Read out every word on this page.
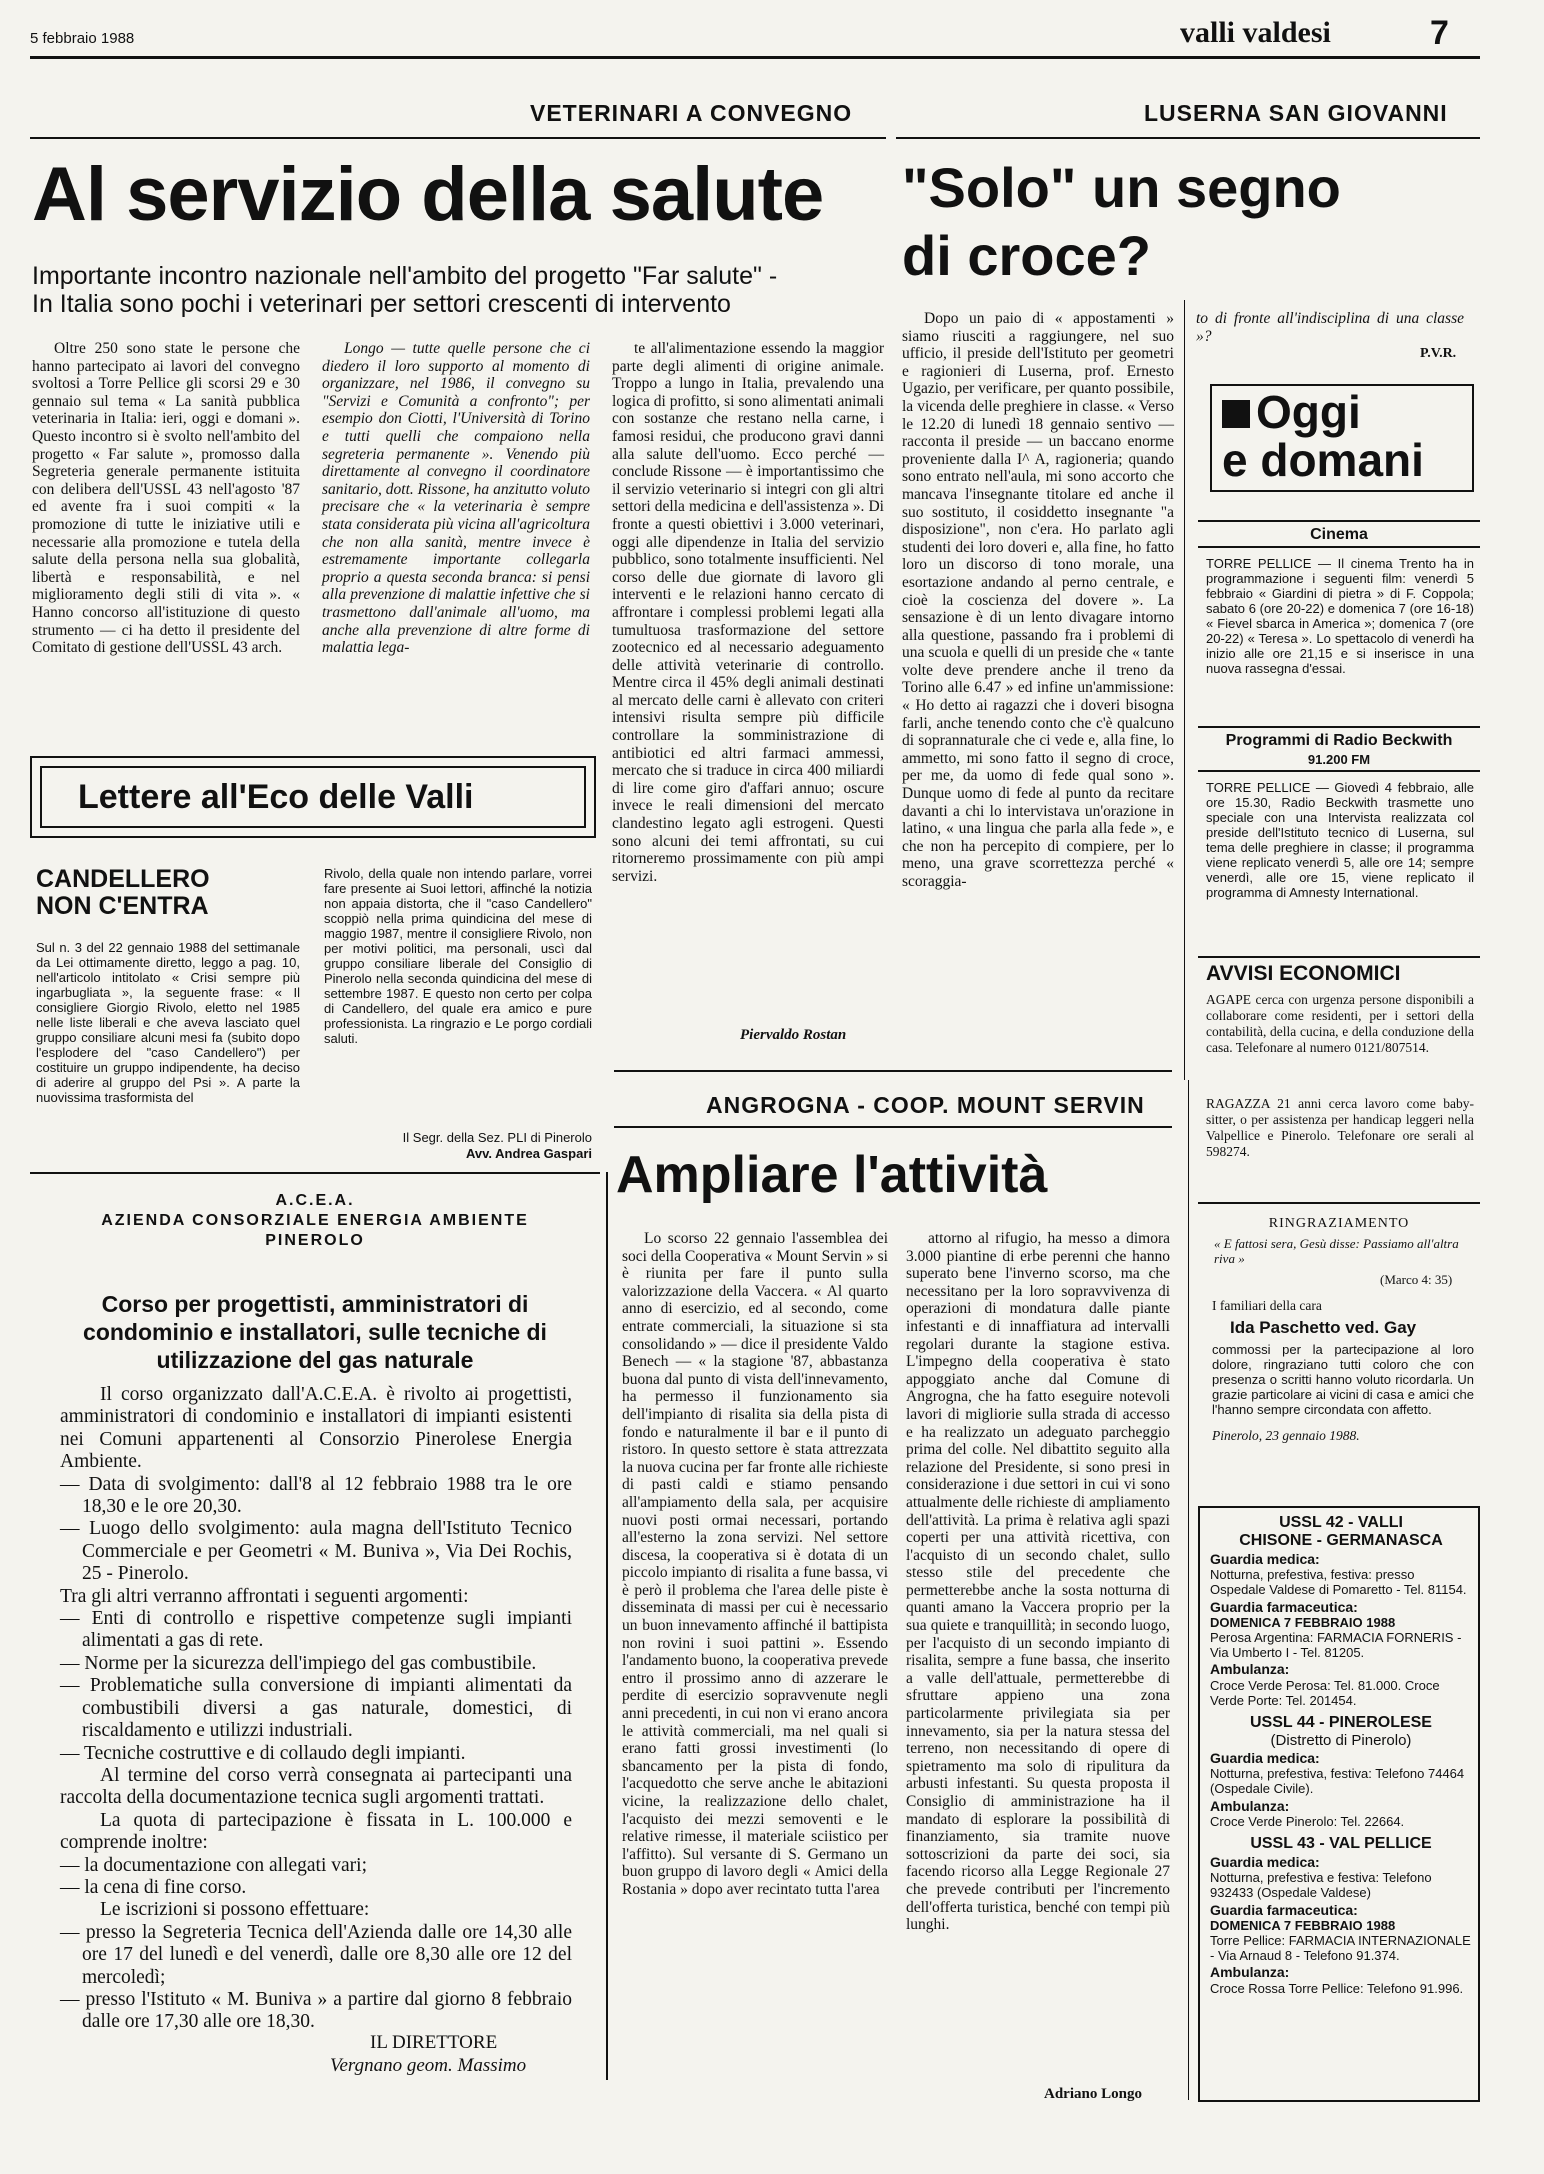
5 febbraio 1988	valli valdesi	7
VETERINARI A CONVEGNO
Al servizio della salute
Importante incontro nazionale nell'ambito del progetto "Far salute" -
In Italia sono pochi i veterinari per settori crescenti di intervento

Oltre 250 sono state le persone che hanno partecipato ai lavori del convegno svoltosi a Torre Pellice gli scorsi 29 e 30 gennaio sul tema « La sanità pubblica veterinaria in Italia: ieri, oggi e domani ». Questo incontro si è svolto nell'ambito del progetto « Far salute », promosso dalla Segreteria generale permanente istituita con delibera dell'USSL 43 nell'agosto '87 ed avente fra i suoi compiti « la promozione di tutte le iniziative utili e necessarie alla promozione e tutela della salute della persona nella sua globalità, libertà e responsabilità, e nel miglioramento degli stili di vita ». « Hanno concorso all'istituzione di questo strumento — ci ha detto il presidente del Comitato di gestione dell'USSL 43 arch.

Longo — tutte quelle persone che ci diedero il loro supporto al momento di organizzare, nel 1986, il convegno su "Servizi e Comunità a confronto"; per esempio don Ciotti, l'Università di Torino e tutti quelli che compaiono nella segreteria permanente ». Venendo più direttamente al convegno il coordinatore sanitario, dott. Rissone, ha anzitutto voluto precisare che « la veterinaria è sempre stata considerata più vicina all'agricoltura che non alla sanità, mentre invece è estremamente importante collegarla proprio a questa seconda branca: si pensi alla prevenzione di malattie infettive che si trasmettono dall'animale all'uomo, ma anche alla prevenzione di altre forme di malattia lega-

te all'alimentazione essendo la maggior parte degli alimenti di origine animale. Troppo a lungo in Italia, prevalendo una logica di profitto, si sono alimentati animali con sostanze che restano nella carne, i famosi residui, che producono gravi danni alla salute dell'uomo. Ecco perché — conclude Rissone — è importantissimo che il servizio veterinario si integri con gli altri settori della medicina e dell'assistenza ». Di fronte a questi obiettivi i 3.000 veterinari, oggi alle dipendenze in Italia del servizio pubblico, sono totalmente insufficienti. Nel corso delle due giornate di lavoro gli interventi e le relazioni hanno cercato di affrontare i complessi problemi legati alla tumultuosa trasformazione del settore zootecnico ed al necessario adeguamento delle attività veterinarie di controllo. Mentre circa il 45% degli animali destinati al mercato delle carni è allevato con criteri intensivi risulta sempre più difficile controllare la somministrazione di antibiotici ed altri farmaci ammessi, mercato che si traduce in circa 400 miliardi di lire come giro d'affari annuo; oscure invece le reali dimensioni del mercato clandestino legato agli estrogeni. Questi sono alcuni dei temi affrontati, su cui ritorneremo prossimamente con più ampi servizi.

Piervaldo Rostan
Lettere all'Eco delle Valli
CANDELLERO
NON C'ENTRA
Sul n. 3 del 22 gennaio 1988 del settimanale da Lei ottimamente diretto, leggo a pag. 10, nell'articolo intitolato « Crisi sempre più ingarbugliata », la seguente frase: « Il consigliere Giorgio Rivolo, eletto nel 1985 nelle liste liberali e che aveva lasciato quel gruppo consiliare alcuni mesi fa (subito dopo l'esplodere del "caso Candellero") per costituire un gruppo indipendente, ha deciso di aderire al gruppo del Psi ». A parte la nuovissima trasformista del
Rivolo, della quale non intendo parlare, vorrei fare presente ai Suoi lettori, affinché la notizia non appaia distorta, che il "caso Candellero" scoppiò nella prima quindicina del mese di maggio 1987, mentre il consigliere Rivolo, non per motivi politici, ma personali, uscì dal gruppo consiliare liberale del Consiglio di Pinerolo nella seconda quindicina del mese di settembre 1987. E questo non certo per colpa di Candellero, del quale era amico e pure professionista. La ringrazio e Le porgo cordiali saluti.
Il Segr. della Sez. PLI di Pinerolo
Avv. Andrea Gaspari
A.C.E.A.
AZIENDA CONSORZIALE ENERGIA AMBIENTE
PINEROLO
Corso per progettisti, amministratori di condominio e installatori, sulle tecniche di utilizzazione del gas naturale
Il corso organizzato dall'A.C.E.A. è rivolto ai progettisti, amministratori di condominio e installatori di impianti esistenti nei Comuni appartenenti al Consorzio Pinerolese Energia Ambiente.
— Data di svolgimento: dall'8 al 12 febbraio 1988 tra le ore 18,30 e le ore 20,30.
— Luogo dello svolgimento: aula magna dell'Istituto Tecnico Commerciale e per Geometri « M. Buniva », Via Dei Rochis, 25 - Pinerolo.
Tra gli altri verranno affrontati i seguenti argomenti:
— Enti di controllo e rispettive competenze sugli impianti alimentati a gas di rete.
— Norme per la sicurezza dell'impiego del gas combustibile.
— Problematiche sulla conversione di impianti alimentati da combustibili diversi a gas naturale, domestici, di riscaldamento e utilizzi industriali.
— Tecniche costruttive e di collaudo degli impianti.
Al termine del corso verrà consegnata ai partecipanti una raccolta della documentazione tecnica sugli argomenti trattati.
La quota di partecipazione è fissata in L. 100.000 e comprende inoltre:
— la documentazione con allegati vari;
— la cena di fine corso.
Le iscrizioni si possono effettuare:
— presso la Segreteria Tecnica dell'Azienda dalle ore 14,30 alle ore 17 del lunedì e del venerdì, dalle ore 8,30 alle ore 12 del mercoledì;
— presso l'Istituto « M. Buniva » a partire dal giorno 8 febbraio dalle ore 17,30 alle ore 18,30.
IL DIRETTORE
Vergnano geom. Massimo
LUSERNA SAN GIOVANNI
"Solo" un segno
di croce?

Dopo un paio di « appostamenti » siamo riusciti a raggiungere, nel suo ufficio, il preside dell'Istituto per geometri e ragionieri di Luserna, prof. Ernesto Ugazio, per verificare, per quanto possibile, la vicenda delle preghiere in classe. « Verso le 12.20 di lunedì 18 gennaio sentivo — racconta il preside — un baccano enorme proveniente dalla I^ A, ragioneria; quando sono entrato nell'aula, mi sono accorto che mancava l'insegnante titolare ed anche il suo sostituto, il cosiddetto insegnante "a disposizione", non c'era. Ho parlato agli studenti dei loro doveri e, alla fine, ho fatto loro un discorso di tono morale, una esortazione andando al perno centrale, e cioè la coscienza del dovere ». La sensazione è di un lento divagare intorno alla questione, passando fra i problemi di una scuola e quelli di un preside che « tante volte deve prendere anche il treno da Torino alle 6.47 » ed infine un'ammissione: « Ho detto ai ragazzi che i doveri bisogna farli, anche tenendo conto che c'è qualcuno di soprannaturale che ci vede e, alla fine, lo ammetto, mi sono fatto il segno di croce, per me, da uomo di fede qual sono ». Dunque uomo di fede al punto da recitare davanti a chi lo intervistava un'orazione in latino, « una lingua che parla alla fede », e che non ha percepito di compiere, per lo meno, una grave scorrettezza perché « scoraggia-

to di fronte all'indisciplina di una classe »?
P.V.R.
ANGROGNA - COOP. MOUNT SERVIN
Ampliare l'attività

Lo scorso 22 gennaio l'assemblea dei soci della Cooperativa « Mount Servin » si è riunita per fare il punto sulla valorizzazione della Vaccera. « Al quarto anno di esercizio, ed al secondo, come entrate commerciali, la situazione si sta consolidando » — dice il presidente Valdo Benech — « la stagione '87, abbastanza buona dal punto di vista dell'innevamento, ha permesso il funzionamento sia dell'impianto di risalita sia della pista di fondo e naturalmente il bar e il punto di ristoro. In questo settore è stata attrezzata la nuova cucina per far fronte alle richieste di pasti caldi e stiamo pensando all'ampiamento della sala, per acquisire nuovi posti ormai necessari, portando all'esterno la zona servizi. Nel settore discesa, la cooperativa si è dotata di un piccolo impianto di risalita a fune bassa, vi è però il problema che l'area delle piste è disseminata di massi per cui è necessario un buon innevamento affinché il battipista non rovini i suoi pattini ». Essendo l'andamento buono, la cooperativa prevede entro il prossimo anno di azzerare le perdite di esercizio sopravvenute negli anni precedenti, in cui non vi erano ancora le attività commerciali, ma nel quali si erano fatti grossi investimenti (lo sbancamento per la pista di fondo, l'acquedotto che serve anche le abitazioni vicine, la realizzazione dello chalet, l'acquisto dei mezzi semoventi e le relative rimesse, il materiale sciistico per l'affitto). Sul versante di S. Germano un buon gruppo di lavoro degli « Amici della Rostania » dopo aver recintato tutta l'area

attorno al rifugio, ha messo a dimora 3.000 piantine di erbe perenni che hanno superato bene l'inverno scorso, ma che necessitano per la loro sopravvivenza di operazioni di mondatura dalle piante infestanti e di innaffiatura ad intervalli regolari durante la stagione estiva. L'impegno della cooperativa è stato appoggiato anche dal Comune di Angrogna, che ha fatto eseguire notevoli lavori di migliorie sulla strada di accesso e ha realizzato un adeguato parcheggio prima del colle. Nel dibattito seguito alla relazione del Presidente, si sono presi in considerazione i due settori in cui vi sono attualmente delle richieste di ampliamento dell'attività. La prima è relativa agli spazi coperti per una attività ricettiva, con l'acquisto di un secondo chalet, sullo stesso stile del precedente che permetterebbe anche la sosta notturna di quanti amano la Vaccera proprio per la sua quiete e tranquillità; in secondo luogo, per l'acquisto di un secondo impianto di risalita, sempre a fune bassa, che inserito a valle dell'attuale, permetterebbe di sfruttare appieno una zona particolarmente privilegiata sia per innevamento, sia per la natura stessa del terreno, non necessitando di opere di spietramento ma solo di ripulitura da arbusti infestanti. Su questa proposta il Consiglio di amministrazione ha il mandato di esplorare la possibilità di finanziamento, sia tramite nuove sottoscrizioni da parte dei soci, sia facendo ricorso alla Legge Regionale 27 che prevede contributi per l'incremento dell'offerta turistica, benché con tempi più lunghi.

Adriano Longo
Oggi
e domani
Cinema
TORRE PELLICE — Il cinema Trento ha in programmazione i seguenti film: venerdì 5 febbraio « Giardini di pietra » di F. Coppola; sabato 6 (ore 20-22) e domenica 7 (ore 16-18) « Fievel sbarca in America »; domenica 7 (ore 20-22) « Teresa ». Lo spettacolo di venerdì ha inizio alle ore 21,15 e si inserisce in una nuova rassegna d'essai.
Programmi di Radio Beckwith
91.200 FM
TORRE PELLICE — Giovedì 4 febbraio, alle ore 15.30, Radio Beckwith trasmette uno speciale con una Intervista realizzata col preside dell'Istituto tecnico di Luserna, sul tema delle preghiere in classe; il programma viene replicato venerdì 5, alle ore 14; sempre venerdì, alle ore 15, viene replicato il programma di Amnesty International.
AVVISI ECONOMICI
AGAPE cerca con urgenza persone disponibili a collaborare come residenti, per i settori della contabilità, della cucina, e della conduzione della casa. Telefonare al numero 0121/807514.
RAGAZZA 21 anni cerca lavoro come baby-sitter, o per assistenza per handicap leggeri nella Valpellice e Pinerolo. Telefonare ore serali al 598274.
RINGRAZIAMENTO
« E fattosi sera, Gesù disse: Passiamo all'altra riva »
(Marco 4: 35)
I familiari della cara
Ida Paschetto ved. Gay
commossi per la partecipazione al loro dolore, ringraziano tutti coloro che con presenza o scritti hanno voluto ricordarla. Un grazie particolare ai vicini di casa e amici che l'hanno sempre circondata con affetto.
Pinerolo, 23 gennaio 1988.
USSL 42 - VALLI
CHISONE - GERMANASCA
Guardia medica:
Notturna, prefestiva, festiva: presso Ospedale Valdese di Pomaretto - Tel. 81154.
Guardia farmaceutica:
DOMENICA 7 FEBBRAIO 1988
Perosa Argentina: FARMACIA FORNERIS - Via Umberto I - Tel. 81205.
Ambulanza:
Croce Verde Perosa: Tel. 81.000. Croce Verde Porte: Tel. 201454.
USSL 44 - PINEROLESE
(Distretto di Pinerolo)
Guardia medica:
Notturna, prefestiva, festiva: Telefono 74464 (Ospedale Civile).
Ambulanza:
Croce Verde Pinerolo: Tel. 22664.
USSL 43 - VAL PELLICE
Guardia medica:
Notturna, prefestiva e festiva: Telefono 932433 (Ospedale Valdese)
Guardia farmaceutica:
DOMENICA 7 FEBBRAIO 1988
Torre Pellice: FARMACIA INTERNAZIONALE - Via Arnaud 8 - Telefono 91.374.
Ambulanza:
Croce Rossa Torre Pellice: Telefono 91.996.
